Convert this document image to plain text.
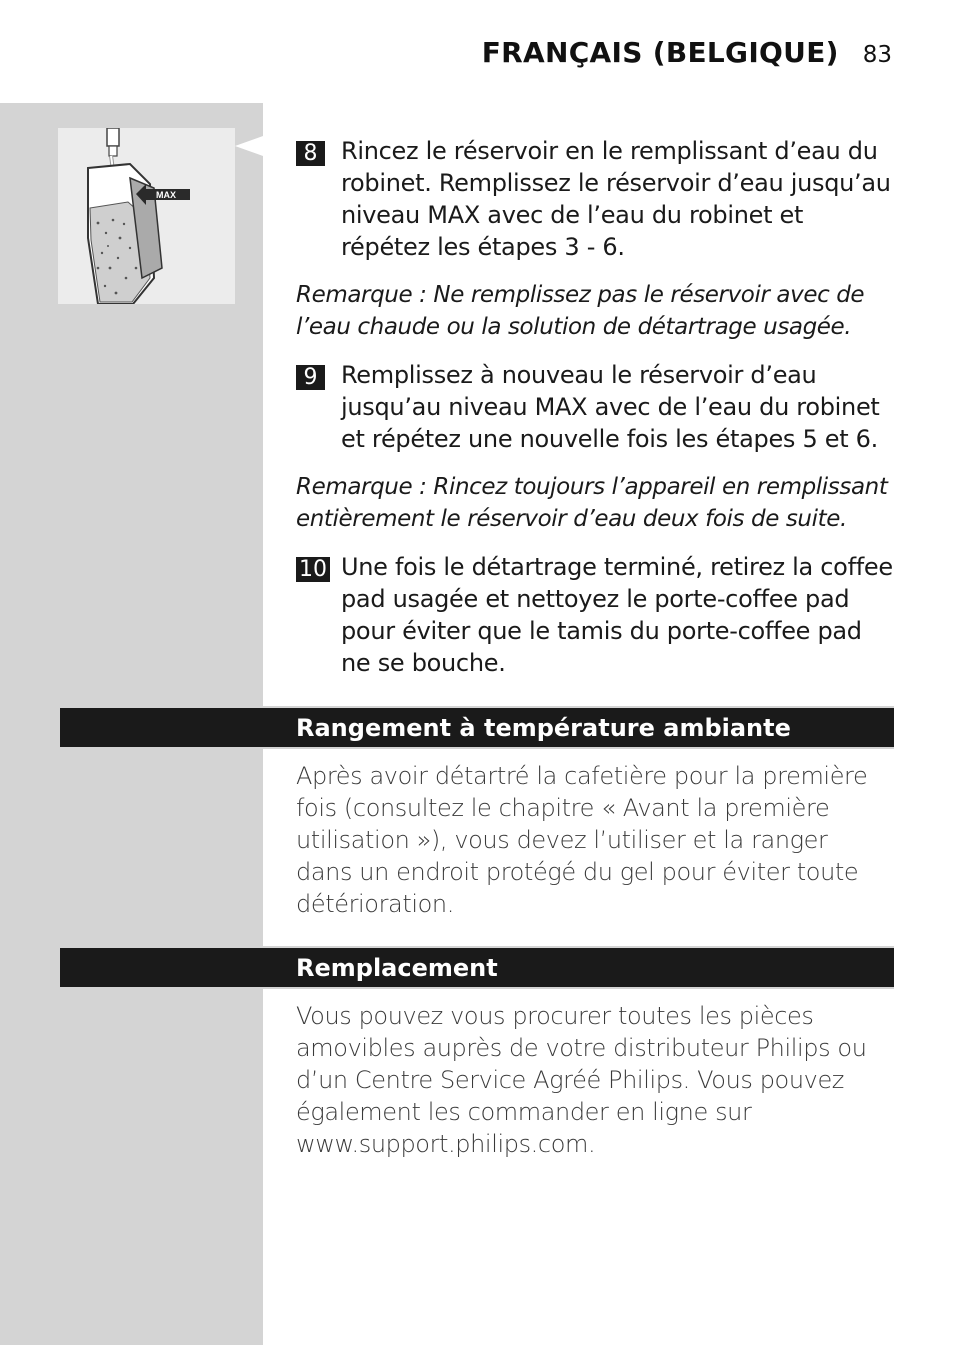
FRANÇAIS (BELGIQUE) 83
MAX
8 Rincez le réservoir en le remplissant d’eau du robinet. Remplissez le réservoir d’eau jusqu’au niveau MAX avec de l’eau du robinet et répétez les étapes 3 - 6.
Remarque : Ne remplissez pas le réservoir avec de l’eau chaude ou la solution de détartrage usagée.
9 Remplissez à nouveau le réservoir d’eau jusqu’au niveau MAX avec de l’eau du robinet et répétez une nouvelle fois les étapes 5 et 6.
Remarque : Rincez toujours l’appareil en remplissant entièrement le réservoir d’eau deux fois de suite.
10 Une fois le détartrage terminé, retirez la coffee pad usagée et nettoyez le porte-coffee pad pour éviter que le tamis du porte-coffee pad ne se bouche.
Rangement à température ambiante
Après avoir détartré la cafetière pour la première fois (consultez le chapitre « Avant la première utilisation »), vous devez l’utiliser et la ranger dans un endroit protégé du gel pour éviter toute détérioration.
Remplacement
Vous pouvez vous procurer toutes les pièces amovibles auprès de votre distributeur Philips ou d’un Centre Service Agréé Philips. Vous pouvez également les commander en ligne sur www.support.philips.com.
